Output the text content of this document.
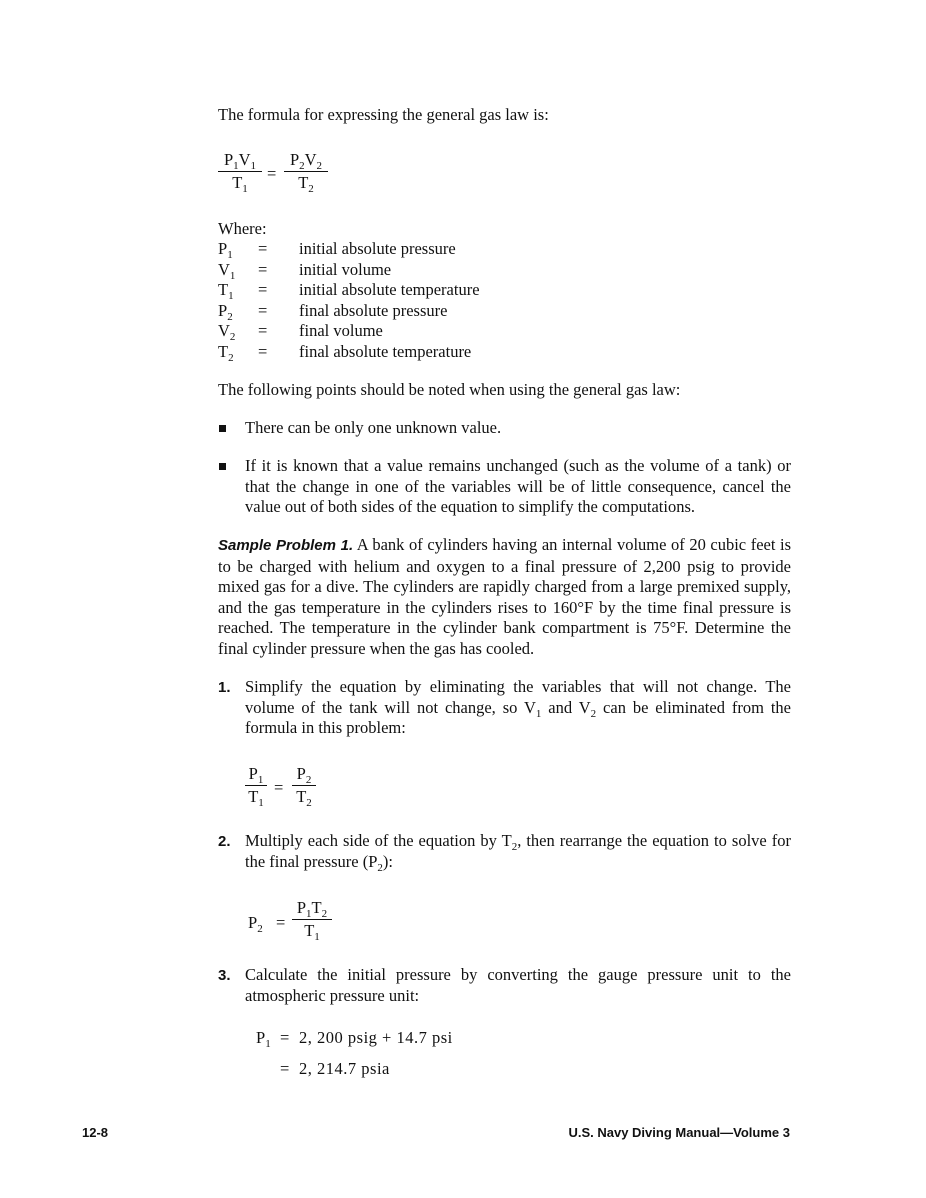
The formula for expressing the general gas law is:
$P_1V_1$
$T_1$
=
$P_2V_2$
$T_2$
Where:
$P_1$	=	initial absolute pressure
$V_1$	=	initial volume
$T_1$	=	initial absolute temperature
$P_2$	=	final absolute pressure
$V_2$	=	final volume
$T_2$	=	final absolute temperature
The following points should be noted when using the general gas law:
There can be only one unknown value.
If it is known that a value remains unchanged (such as the volume of a tank) or that the change in one of the variables will be of little consequence, cancel the value out of both sides of the equation to simplify the computations.
Sample Problem 1. A bank of cylinders having an internal volume of 20 cubic feet is to be charged with helium and oxygen to a final pressure of 2,200 psig to provide mixed gas for a dive. The cylinders are rapidly charged from a large premixed supply, and the gas temperature in the cylinders rises to 160°F by the time final pressure is reached. The temperature in the cylinder bank compartment is 75°F. Determine the final cylinder pressure when the gas has cooled.
1. Simplify the equation by eliminating the variables that will not change. The volume of the tank will not change, so $V_1$ and $V_2$ can be eliminated from the formula in this problem:
$P_1$
$T_1$
=
$P_2$
$T_2$
2. Multiply each side of the equation by $T_2$, then rearrange the equation to solve for the final pressure $(P_2)$:
$P_2$ =
$P_1T_2$
$T_1$
3. Calculate the initial pressure by converting the gauge pressure unit to the atmospheric pressure unit:
$P_1 = 2$, 200 psig + 14.7 psi
=  2, 214.7 psia
12-8	U.S. Navy Diving Manual—Volume 3
